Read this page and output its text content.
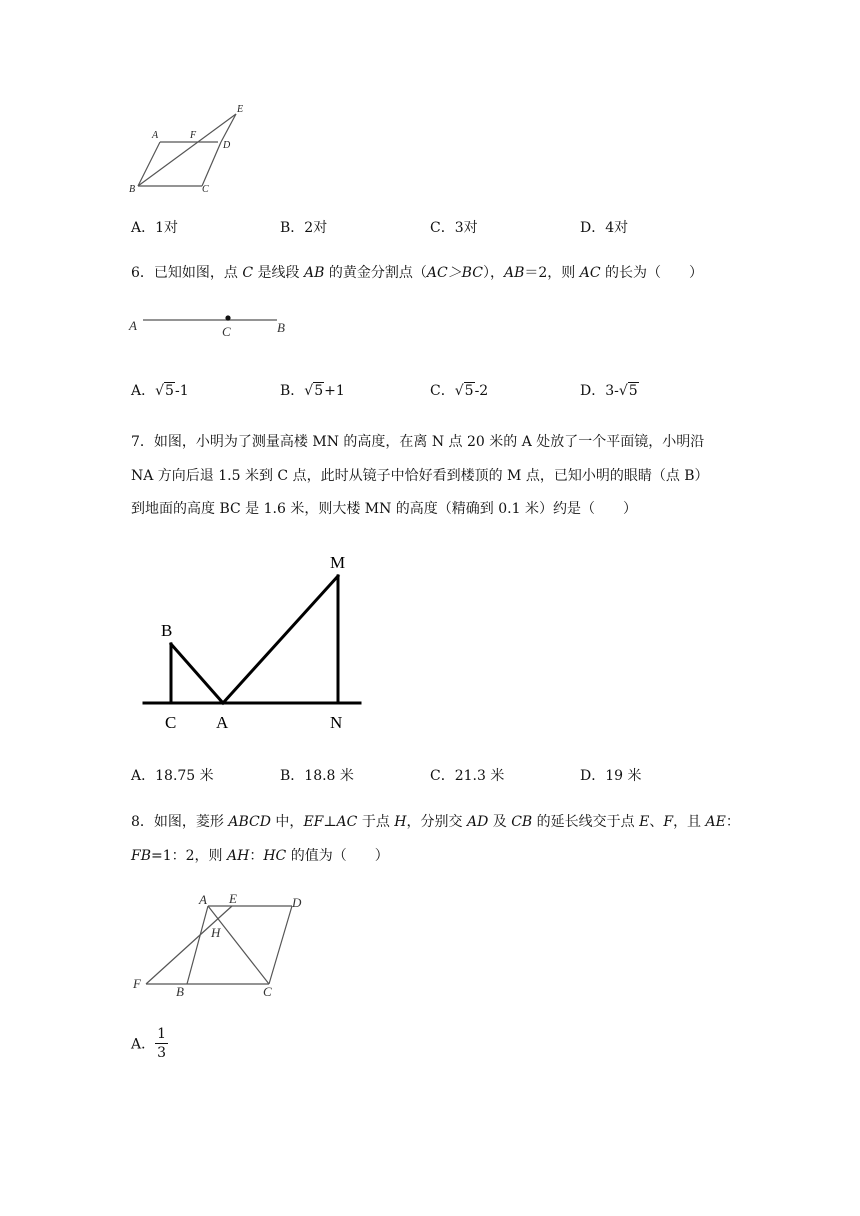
A	F
E
D
B	C
A．1对	B．2对	C．3对	D．4对
6．已知如图，点 C 是线段 AB 的黄金分割点（AC＞BC），AB＝2，则 AC 的长为（　　）
A	C	B
A．√5-1	B．√5+1	C．√5-2	D．3-√5
7．如图，小明为了测量高楼 MN 的高度，在离 N 点 20 米的 A 处放了一个平面镜，小明沿
NA 方向后退 1.5 米到 C 点，此时从镜子中恰好看到楼顶的 M 点，已知小明的眼睛（点 B）
到地面的高度 BC 是 1.6 米，则大楼 MN 的高度（精确到 0.1 米）约是（　　）
M
B
C A	N
A．18.75 米	B．18.8 米	C．21.3 米	D．19 米
8．如图，菱形 ABCD 中，EF⊥AC 于点 H，分别交 AD 及 CB 的延长线交于点 E、F，且 AE：
FB=1：2，则 AH：HC 的值为（　　）
A E	D
H
F
B	C
A． $\frac{1}{3}$
